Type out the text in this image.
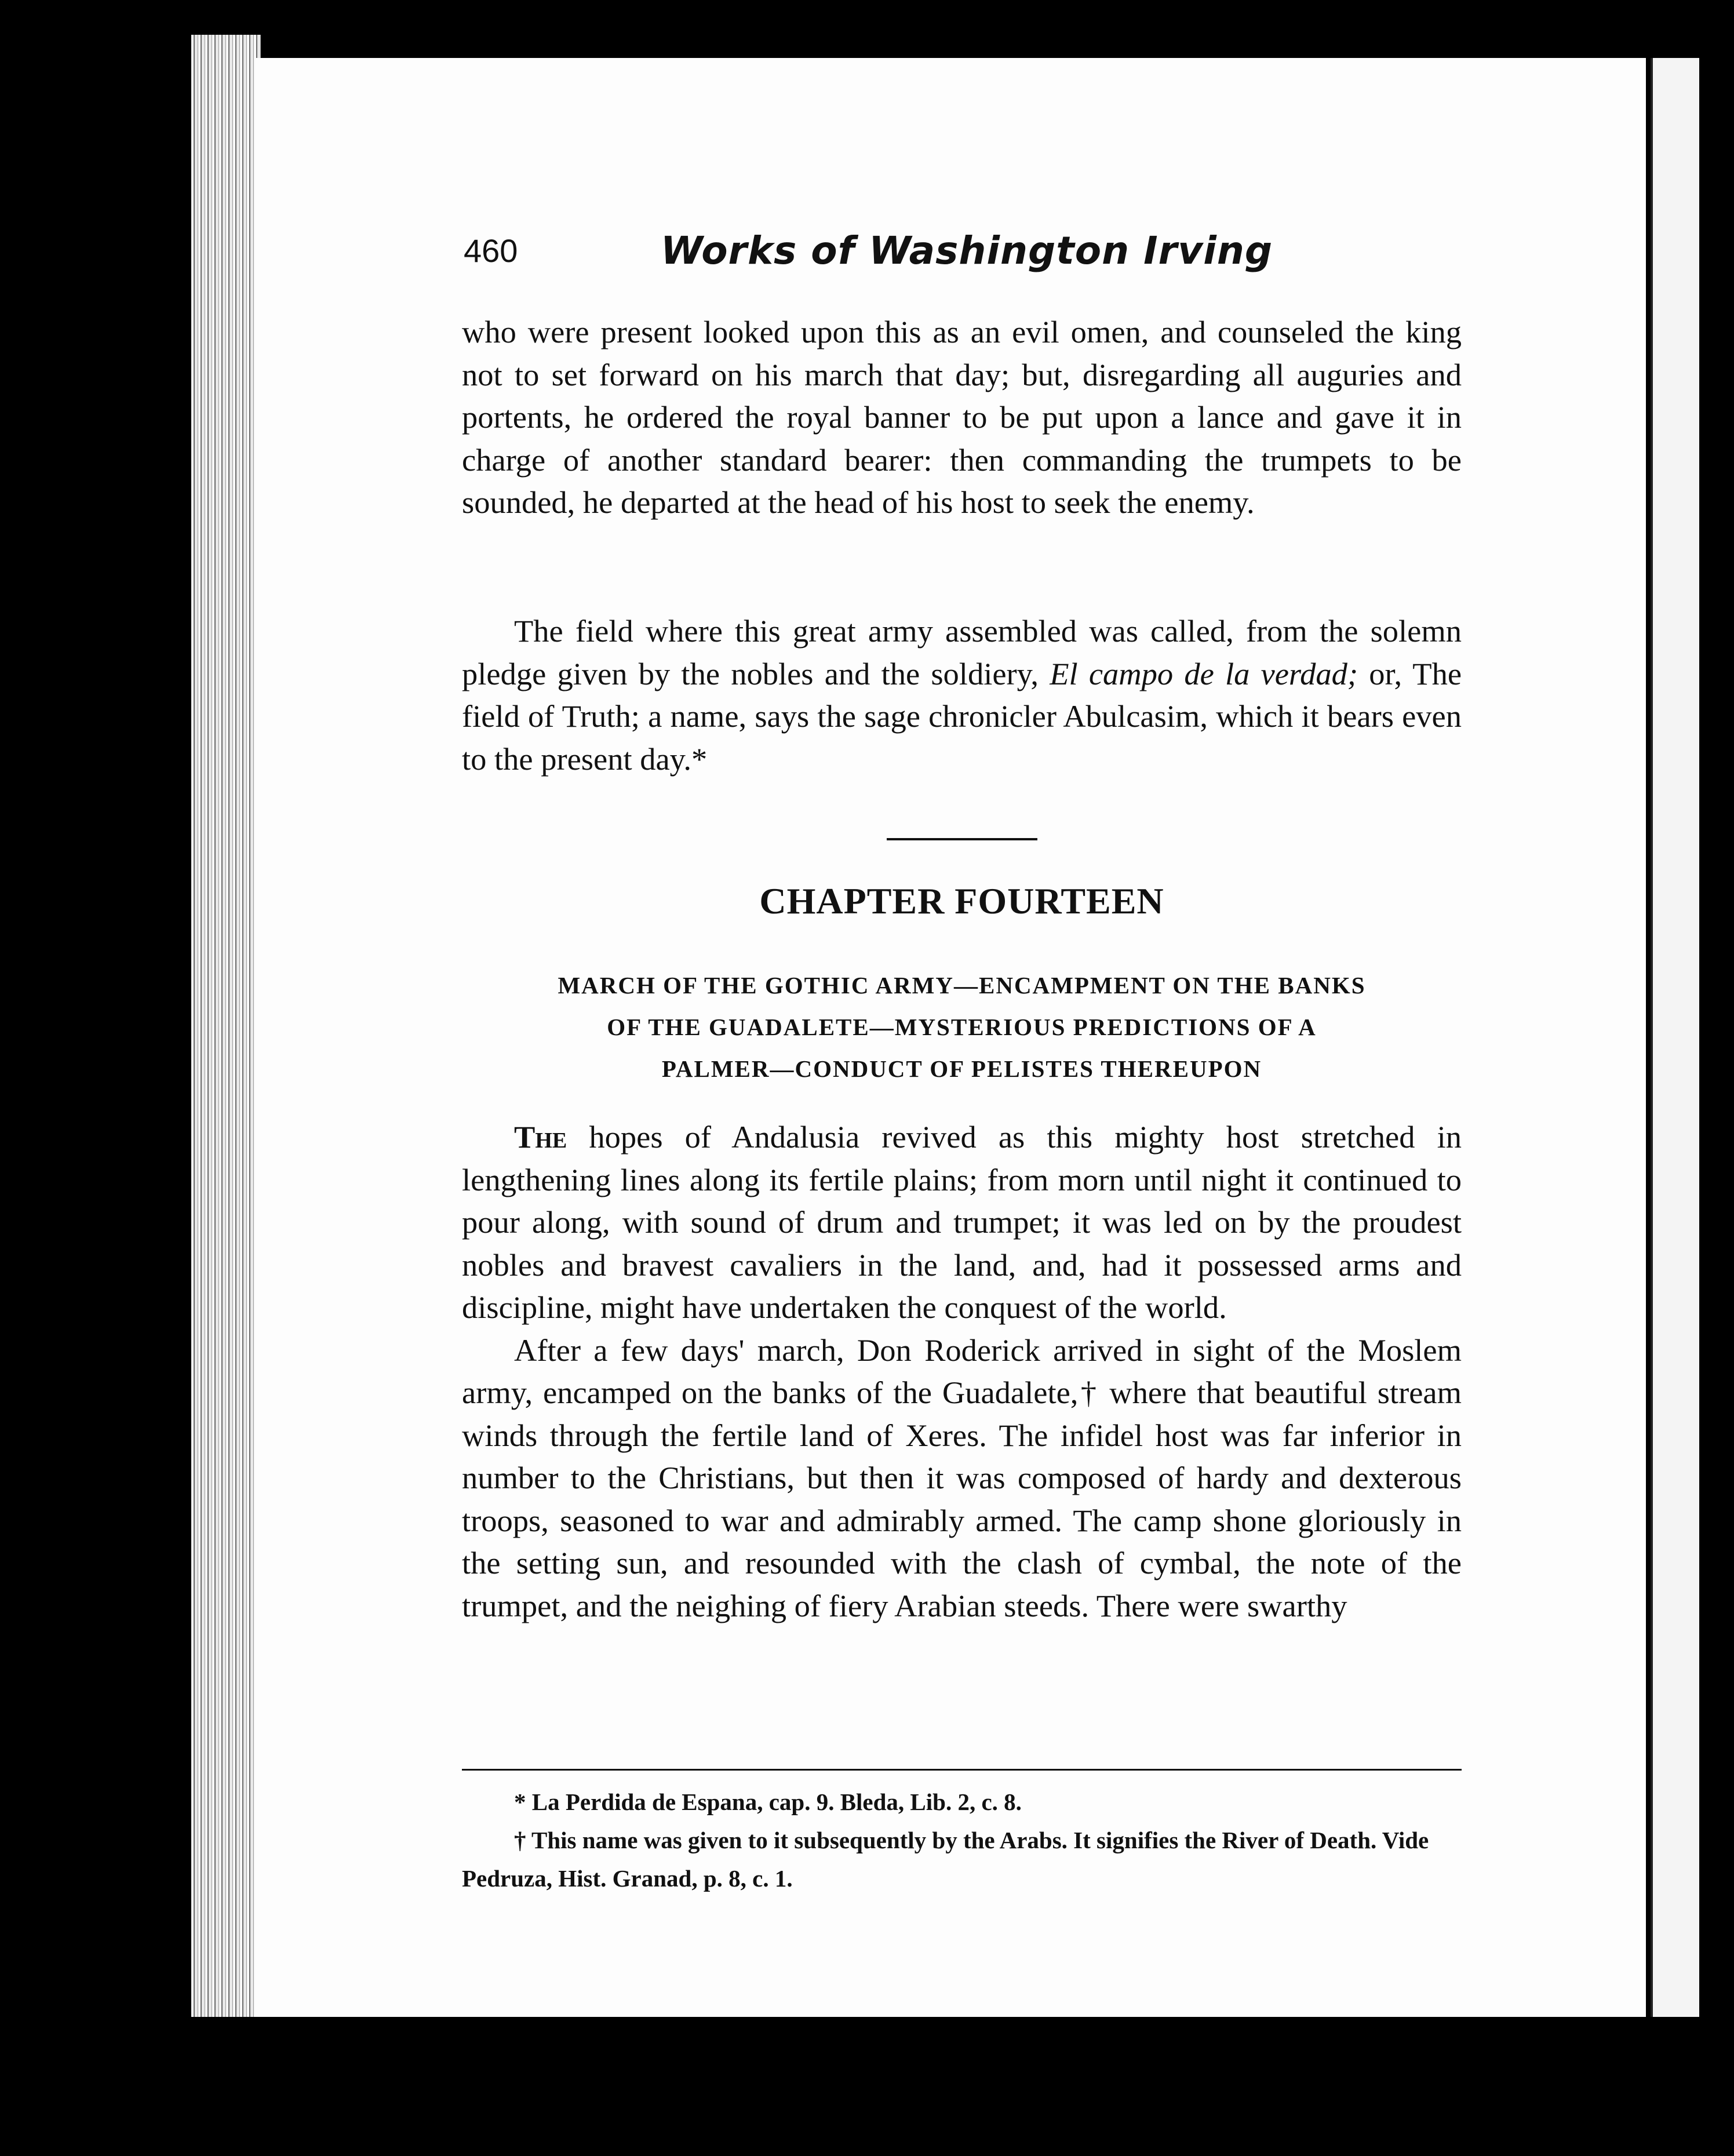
460	Works of Washington Irving

who were present looked upon this as an evil omen, and counseled the king not to set forward on his march that day; but, disregarding all auguries and portents, he ordered the royal banner to be put upon a lance and gave it in charge of another standard bearer: then commanding the trumpets to be sounded, he departed at the head of his host to seek the enemy.

The field where this great army assembled was called, from the solemn pledge given by the nobles and the soldiery, El campo de la verdad; or, The field of Truth; a name, says the sage chronicler Abulcasim, which it bears even to the present day.*

CHAPTER FOURTEEN
MARCH OF THE GOTHIC ARMY—ENCAMPMENT ON THE BANKS
OF THE GUADALETE—MYSTERIOUS PREDICTIONS OF A
PALMER—CONDUCT OF PELISTES THEREUPON

The hopes of Andalusia revived as this mighty host stretched in lengthening lines along its fertile plains; from morn until night it continued to pour along, with sound of drum and trumpet; it was led on by the proudest nobles and bravest cavaliers in the land, and, had it possessed arms and discipline, might have undertaken the conquest of the world.

After a few days' march, Don Roderick arrived in sight of the Moslem army, encamped on the banks of the Guadalete,† where that beautiful stream winds through the fertile land of Xeres. The infidel host was far inferior in number to the Christians, but then it was composed of hardy and dexterous troops, seasoned to war and admirably armed. The camp shone gloriously in the setting sun, and resounded with the clash of cymbal, the note of the trumpet, and the neighing of fiery Arabian steeds. There were swarthy

* La Perdida de Espana, cap. 9. Bleda, Lib. 2, c. 8.

† This name was given to it subsequently by the Arabs. It signifies the River of Death. Vide Pedruza, Hist. Granad, p. 8, c. 1.
